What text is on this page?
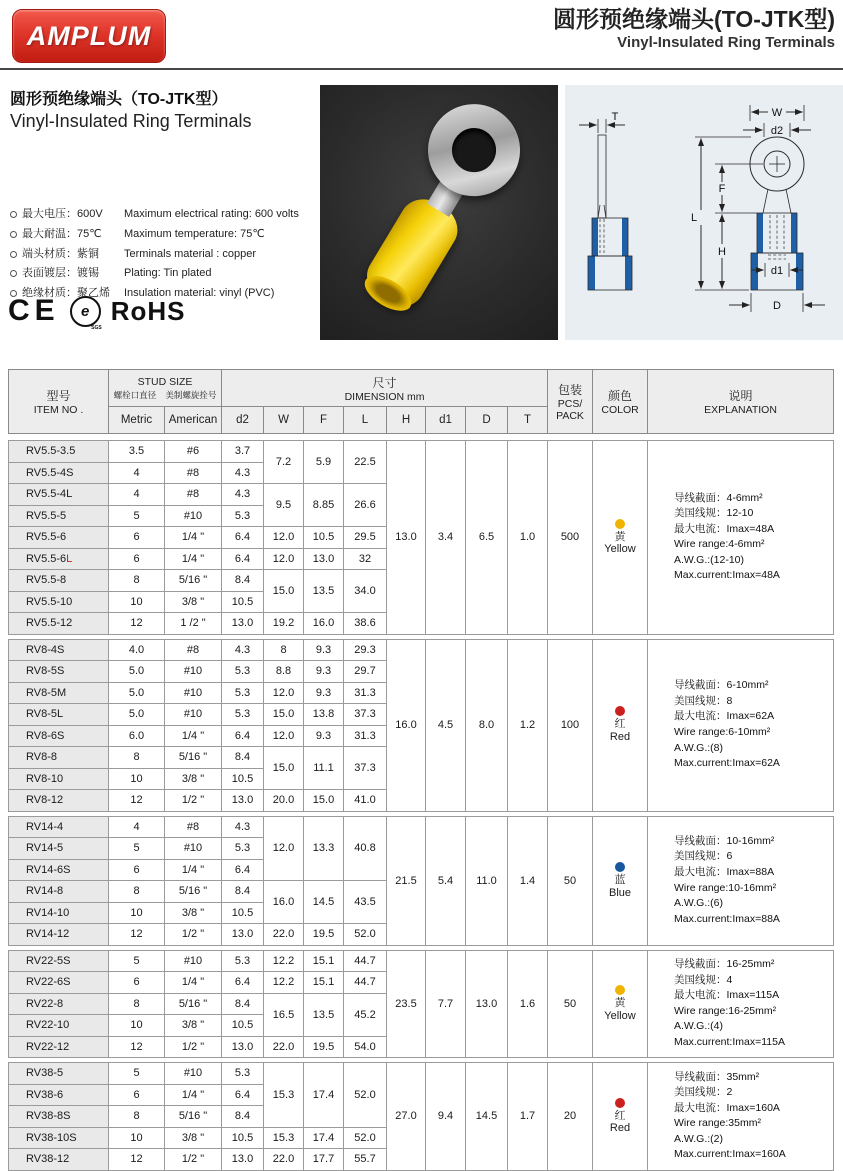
AMPLUM
圆形预绝缘端头(TO-JTK型)
Vinyl-Insulated Ring Terminals
圆形预绝缘端头（TO-JTK型）
Vinyl-Insulated Ring Terminals
最大电压：600V	Maximum electrical rating: 600 volts
最大耐温：75℃	Maximum temperature: 75℃
端头材质：紫铜	Terminals material : copper
表面镀层：镀锡	Plating: Tin plated
绝缘材质：聚乙烯	Insulation material: vinyl (PVC)
CE e
SGS
RoHS
T	W
d2
L
F
H
d1
D
型号
ITEM NO .

STUD SIZE
螺栓口直径 美制螺旋拴号

尺寸
DIMENSION mm	包装
PCS/
PACK

颜色
COLOR

说明
EXPLANATION

	Metric	American	d2	W	F	L	H	d1	D	T			
RV5.5-3.5	3.5	#6	3.7	7.2	5.9	22.5	13.0	3.4	6.5	1.0	500	黄
Yellow

导线截面：4-6mm²
美国线规：12-10
最大电流：Imax=48A
Wire range:4-6mm²
A.W.G.:(12-10)
Max.current:Imax=48A

RV5.5-4S	4	#8	4.3										
RV5.5-4L	4	#8	4.3	9.5	8.85	26.6							
RV5.5-5	5	#10	5.3										
RV5.5-6	6	1/4 "	6.4	12.0	10.5	29.5							
RV5.5-6L	6	1/4 "	6.4	12.0	13.0	32							
RV5.5-8	8	5/16 "	8.4	15.0	13.5	34.0							
RV5.5-10	10	3/8 "	10.5										
RV5.5-12	12	1 /2 "	13.0	19.2	16.0	38.6							
RV8-4S	4.0	#8	4.3	8	9.3	29.3	16.0	4.5	8.0	1.2	100	红
Red

导线截面：6-10mm²
美国线规：8
最大电流：Imax=62A
Wire range:6-10mm²
A.W.G.:(8)
Max.current:Imax=62A

RV8-5S	5.0	#10	5.3	8.8	9.3	29.7							
RV8-5M	5.0	#10	5.3	12.0	9.3	31.3							
RV8-5L	5.0	#10	5.3	15.0	13.8	37.3							
RV8-6S	6.0	1/4 "	6.4	12.0	9.3	31.3							
RV8-8	8	5/16 "	8.4	15.0	11.1	37.3							
RV8-10	10	3/8 "	10.5										
RV8-12	12	1/2 "	13.0	20.0	15.0	41.0							
RV14-4	4	#8	4.3	12.0	13.3	40.8	21.5	5.4	11.0	1.4	50	蓝
Blue

导线截面：10-16mm²
美国线规：6
最大电流：Imax=88A
Wire range:10-16mm²
A.W.G.:(6)
Max.current:Imax=88A

RV14-5	5	#10	5.3										
RV14-6S	6	1/4 "	6.4										
RV14-8	8	5/16 "	8.4	16.0	14.5	43.5							
RV14-10	10	3/8 "	10.5										
RV14-12	12	1/2 "	13.0	22.0	19.5	52.0							
RV22-5S	5	#10	5.3	12.2	15.1	44.7	23.5	7.7	13.0	1.6	50	黄
Yellow

导线截面：16-25mm²
美国线规：4
最大电流：Imax=115A
Wire range:16-25mm²
A.W.G.:(4)
Max.current:Imax=115A

RV22-6S	6	1/4 "	6.4	12.2	15.1	44.7							
RV22-8	8	5/16 "	8.4	16.5	13.5	45.2							
RV22-10	10	3/8 "	10.5										
RV22-12	12	1/2 "	13.0	22.0	19.5	54.0							
RV38-5	5	#10	5.3	15.3	17.4	52.0	27.0	9.4	14.5	1.7	20	红
Red

导线截面：35mm²
美国线规：2
最大电流：Imax=160A
Wire range:35mm²
A.W.G.:(2)
Max.current:Imax=160A

RV38-6	6	1/4 "	6.4										
RV38-8S	8	5/16 "	8.4										
RV38-10S	10	3/8 "	10.5	15.3	17.4	52.0							
RV38-12	12	1/2 "	13.0	22.0	17.7	55.7							
